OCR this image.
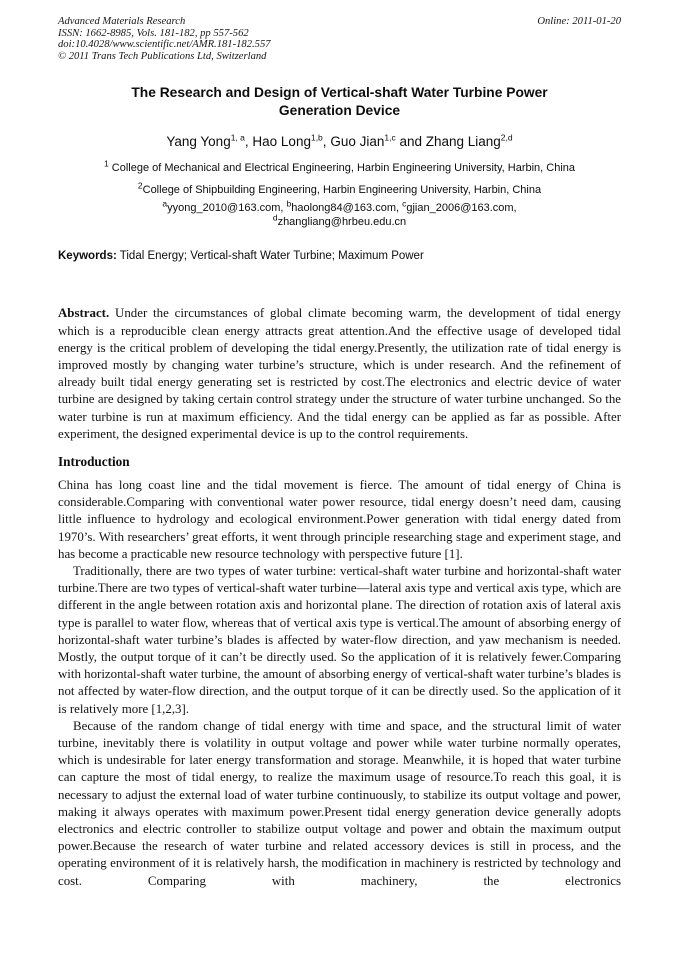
Advanced Materials Research
ISSN: 1662-8985, Vols. 181-182, pp 557-562
doi:10.4028/www.scientific.net/AMR.181-182.557
© 2011 Trans Tech Publications Ltd, Switzerland
Online: 2011-01-20
The Research and Design of Vertical-shaft Water Turbine Power Generation Device
Yang Yong$^{1, a}$, Hao Long$^{1,b}$, Guo Jian$^{1,c}$ and Zhang Liang$^{2,d}$
$^1$ College of Mechanical and Electrical Engineering, Harbin Engineering University, Harbin, China
$^2$College of Shipbuilding Engineering, Harbin Engineering University, Harbin, China
$^a$yyong_2010@163.com, $^b$haolong84@163.com, $^c$gjian_2006@163.com,
$^d$zhangliang@hrbeu.edu.cn
Keywords: Tidal Energy; Vertical-shaft Water Turbine; Maximum Power
Abstract. Under the circumstances of global climate becoming warm, the development of tidal energy which is a reproducible clean energy attracts great attention.And the effective usage of developed tidal energy is the critical problem of developing the tidal energy.Presently, the utilization rate of tidal energy is improved mostly by changing water turbine’s structure, which is under research. And the refinement of already built tidal energy generating set is restricted by cost.The electronics and electric device of water turbine are designed by taking certain control strategy under the structure of water turbine unchanged. So the water turbine is run at maximum efficiency. And the tidal energy can be applied as far as possible. After experiment, the designed experimental device is up to the control requirements.
Introduction

China has long coast line and the tidal movement is fierce. The amount of tidal energy of China is considerable.Comparing with conventional water power resource, tidal energy doesn’t need dam, causing little influence to hydrology and ecological environment.Power generation with tidal energy dated from 1970’s. With researchers’ great efforts, it went through principle researching stage and experiment stage, and has become a practicable new resource technology with perspective future [1].

Traditionally, there are two types of water turbine: vertical-shaft water turbine and horizontal-shaft water turbine.There are two types of vertical-shaft water turbine—lateral axis type and vertical axis type, which are different in the angle between rotation axis and horizontal plane. The direction of rotation axis of lateral axis type is parallel to water flow, whereas that of vertical axis type is vertical.The amount of absorbing energy of horizontal-shaft water turbine’s blades is affected by water-flow direction, and yaw mechanism is needed. Mostly, the output torque of it can’t be directly used. So the application of it is relatively fewer.Comparing with horizontal-shaft water turbine, the amount of absorbing energy of vertical-shaft water turbine’s blades is not affected by water-flow direction, and the output torque of it can be directly used. So the application of it is relatively more [1,2,3].

Because of the random change of tidal energy with time and space, and the structural limit of water turbine, inevitably there is volatility in output voltage and power while water turbine normally operates, which is undesirable for later energy transformation and storage. Meanwhile, it is hoped that water turbine can capture the most of tidal energy, to realize the maximum usage of resource.To reach this goal, it is necessary to adjust the external load of water turbine continuously, to stabilize its output voltage and power, making it always operates with maximum power.Present tidal energy generation device generally adopts electronics and electric controller to stabilize output voltage and power and obtain the maximum output power.Because the research of water turbine and related accessory devices is still in process, and the operating environment of it is relatively harsh, the modification in machinery is restricted by technology and cost. Comparing with machinery, the electronics
